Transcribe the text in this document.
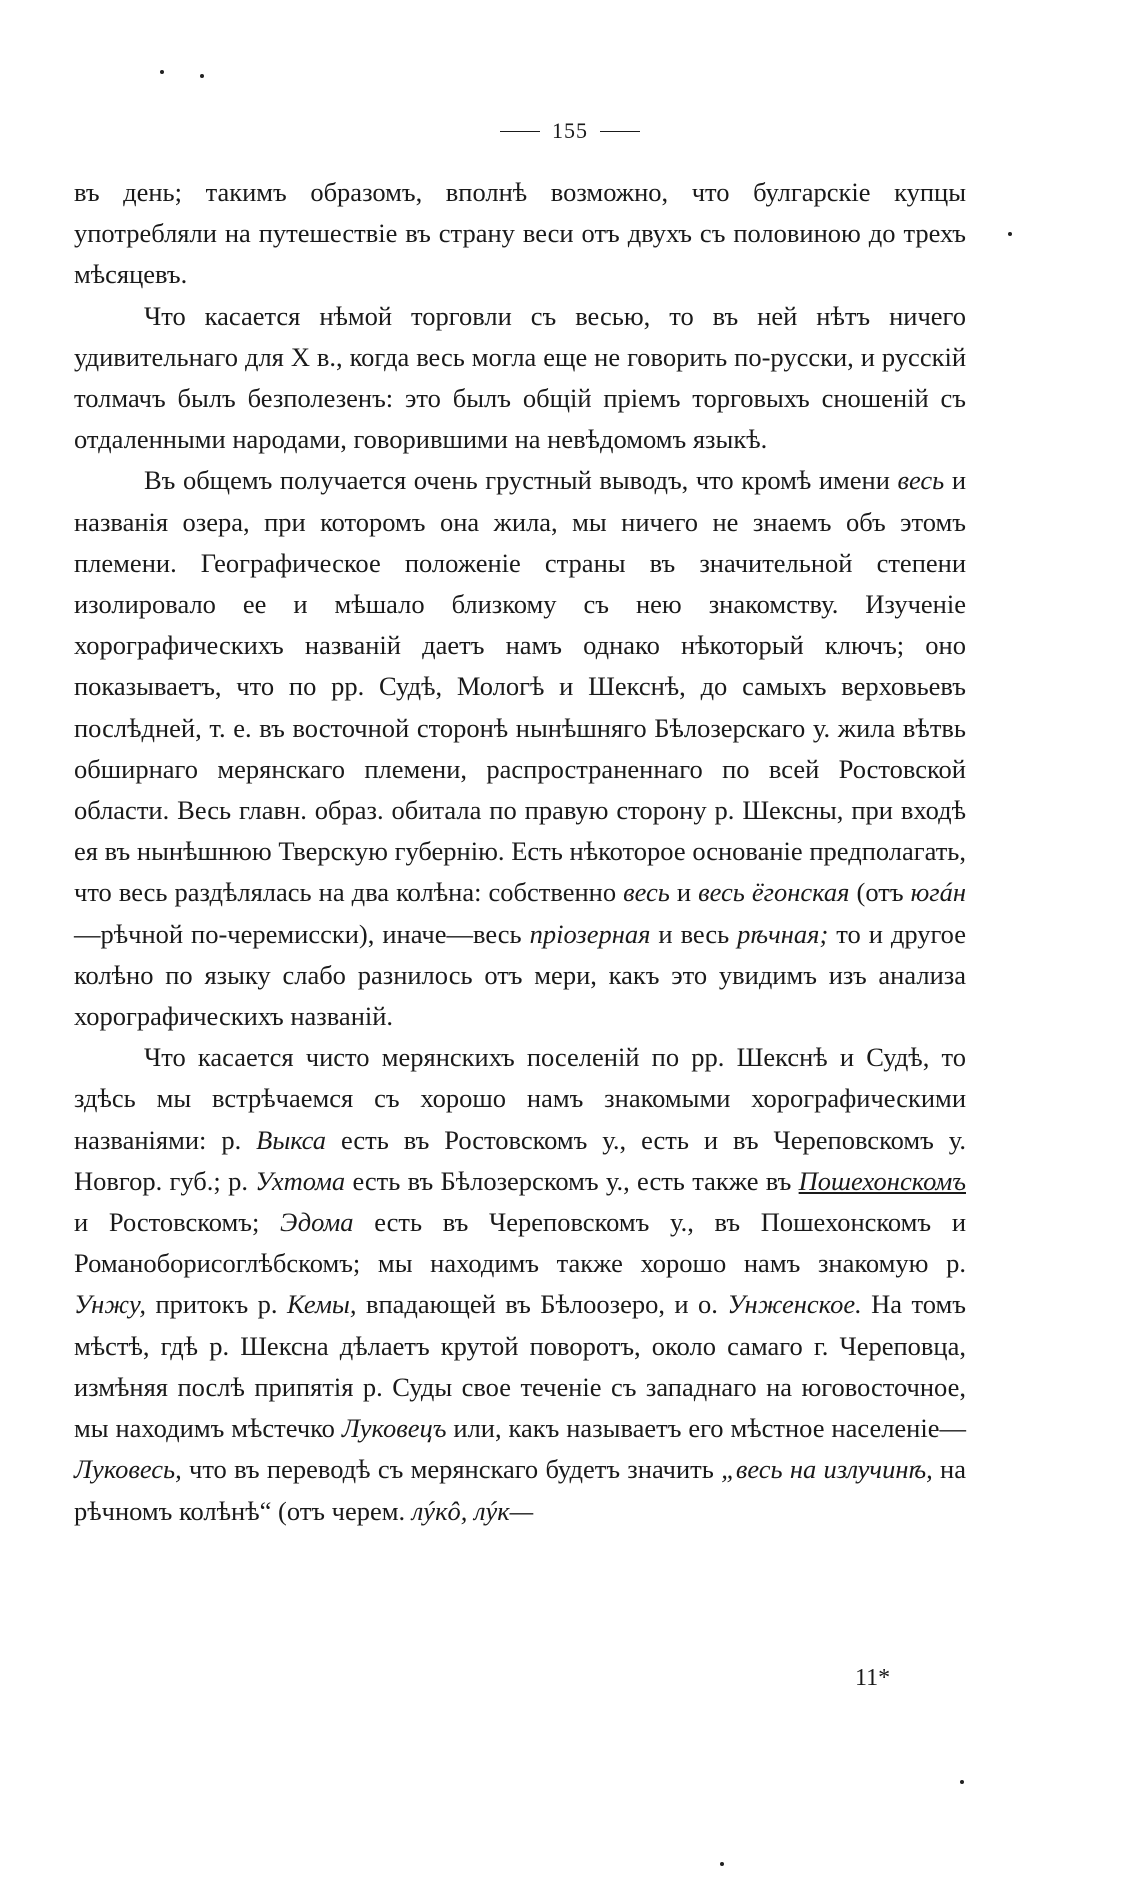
155

въ день; такимъ образомъ, вполнѣ возможно, что булгарскіе купцы употребляли на путешествіе въ страну веси отъ двухъ съ половиною до трехъ мѣсяцевъ.

Что касается нѣмой торговли съ весью, то въ ней нѣтъ ничего удивительнаго для X в., когда весь могла еще не говорить по-русски, и русскій толмачъ былъ безполезенъ: это былъ общій пріемъ торговыхъ сношеній съ отдаленными народами, говорившими на невѣдомомъ языкѣ.

Въ общемъ получается очень грустный выводъ, что кромѣ имени весь и названія озера, при которомъ она жила, мы ничего не знаемъ объ этомъ племени. Географическое положеніе страны въ значительной степени изолировало ее и мѣшало близкому съ нею знакомству. Изученіе хорографическихъ названій даетъ намъ однако нѣкоторый ключъ; оно показываетъ, что по рр. Судѣ, Мологѣ и Шекснѣ, до самыхъ верховьевъ послѣдней, т. е. въ восточной сторонѣ нынѣшняго Бѣлозерскаго у. жила вѣтвь обширнаго мерянскаго племени, распространеннаго по всей Ростовской области. Весь главн. образ. обитала по правую сторону р. Шексны, при входѣ ея въ нынѣшнюю Тверскую губернію. Есть нѣкоторое основаніе предполагать, что весь раздѣлялась на два колѣна: собственно весь и весь ёгонская (отъ югáн—рѣчной по-черемисски), иначе—весь пріозерная и весь рѣчная; то и другое колѣно по языку слабо разнилось отъ мери, какъ это увидимъ изъ анализа хорографическихъ названій.

Что касается чисто мерянскихъ поселеній по рр. Шекснѣ и Судѣ, то здѣсь мы встрѣчаемся съ хорошо намъ знакомыми хорографическими названіями: р. Выкса есть въ Ростовскомъ у., есть и въ Череповскомъ у. Новгор. губ.; р. Ухтома есть въ Бѣлозерскомъ у., есть также въ Пошехонскомъ и Ростовскомъ; Эдома есть въ Череповскомъ у., въ Пошехонскомъ и Романоборисоглѣбскомъ; мы находимъ также хорошо намъ знакомую р. Унжу, притокъ р. Кемы, впадающей въ Бѣлоозеро, и о. Унженское. На томъ мѣстѣ, гдѣ р. Шексна дѣлаетъ крутой поворотъ, около самаго г. Череповца, измѣняя послѣ припятія р. Суды свое теченіе съ западнаго на юговосточное, мы находимъ мѣстечко Луковецъ или, какъ называетъ его мѣстное населеніе—Луковесь, что въ переводѣ съ мерянскаго будетъ значить „весь на излучинѣ, на рѣчномъ колѣнѣ“ (отъ черем. лýкô, лýк—

11*
